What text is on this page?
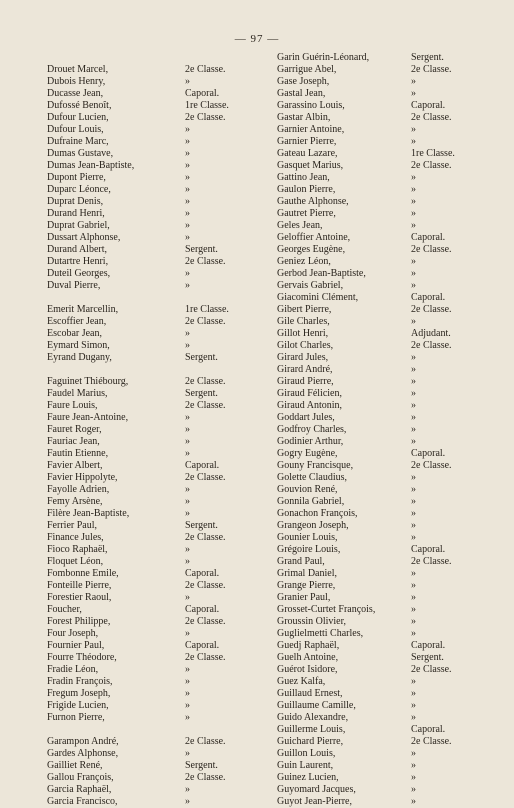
— 97 —
Drouet Marcel,	2e Classe.
Dubois Henry,	»
Ducasse Jean,	Caporal.
Dufossé Benoît,	1re Classe.
Dufour Lucien,	2e Classe.
Dufour Louis,	»
Dufraine Marc,	»
Dumas Gustave,	»
Dumas Jean-Baptiste,	»
Dupont Pierre,	»
Duparc Léonce,	»
Duprat Denis,	»
Durand Henri,	»
Duprat Gabriel,	»
Dussart Alphonse,	»
Durand Albert,	Sergent.
Dutartre Henri,	2e Classe.
Duteil Georges,	»
Duval Pierre,	»
Emerit Marcellin,	1re Classe.
Escoffier Jean,	2e Classe.
Escobar Jean,	»
Eymard Simon,	»
Eyrand Dugany,	Sergent.
Faguinet Thiébourg,	2e Classe.
Faudel Marius,	Sergent.
Faure Louis,	2e Classe.
Faure Jean-Antoine,	»
Fauret Roger,	»
Fauriac Jean,	»
Fautin Etienne,	»
Favier Albert,	Caporal.
Favier Hippolyte,	2e Classe.
Fayolle Adrien,	»
Femy Arsène,	»
Filère Jean-Baptiste,	»
Ferrier Paul,	Sergent.
Finance Jules,	2e Classe.
Fioco Raphaël,	»
Floquet Léon,	»
Fombonne Emile,	Caporal.
Fonteille Pierre,	2e Classe.
Forestier Raoul,	»
Foucher,	Caporal.
Forest Philippe,	2e Classe.
Four Joseph,	»
Fournier Paul,	Caporal.
Fourre Théodore,	2e Classe.
Fradie Léon,	»
Fradin François,	»
Fregum Joseph,	»
Frigide Lucien,	»
Furnon Pierre,	»
Garampon André,	2e Classe.
Gardes Alphonse,	»
Gailliet René,	Sergent.
Gallou François,	2e Classe.
Garcia Raphaël,	»
Garcia Francisco,	»
Garin Guérin-Léonard,	Sergent.
Garrigue Abel,	2e Classe.
Gase Joseph,	»
Gastal Jean,	»
Garassino Louis,	Caporal.
Gastar Albin,	2e Classe.
Garnier Antoine,	»
Garnier Pierre,	»
Gateau Lazare,	1re Classe.
Gasquet Marius,	2e Classe.
Gattino Jean,	»
Gaulon Pierre,	»
Gauthe Alphonse,	»
Gautret Pierre,	»
Geles Jean,	»
Geloffier Antoine,	Caporal.
Georges Eugène,	2e Classe.
Geniez Léon,	»
Gerbod Jean-Baptiste,	»
Gervais Gabriel,	»
Giacomini Clément,	Caporal.
Gibert Pierre,	2e Classe.
Gile Charles,	»
Gillot Henri,	Adjudant.
Gilot Charles,	2e Classe.
Girard Jules,	»
Girard André,	»
Giraud Pierre,	»
Giraud Félicien,	»
Giraud Antonin,	»
Goddart Jules,	»
Godfroy Charles,	»
Godinier Arthur,	»
Gogry Eugène,	Caporal.
Gouny Francisque,	2e Classe.
Golette Claudius,	»
Gouvion René,	»
Gonnila Gabriel,	»
Gonachon François,	»
Grangeon Joseph,	»
Gounier Louis,	»
Grégoire Louis,	Caporal.
Grand Paul,	2e Classe.
Grimal Daniel,	»
Grange Pierre,	»
Granier Paul,	»
Grosset-Curtet François,	»
Groussin Olivier,	»
Guglielmetti Charles,	»
Guedj Raphaël,	Caporal.
Guelh Antoine,	Sergent.
Guérot Isidore,	2e Classe.
Guez Kalfa,	»
Guillaud Ernest,	»
Guillaume Camille,	»
Guido Alexandre,	»
Guillerme Louis,	Caporal.
Guichard Pierre,	2e Classe.
Guillon Louis,	»
Guin Laurent,	»
Guinez Lucien,	»
Guyomard Jacques,	»
Guyot Jean-Pierre,	»
